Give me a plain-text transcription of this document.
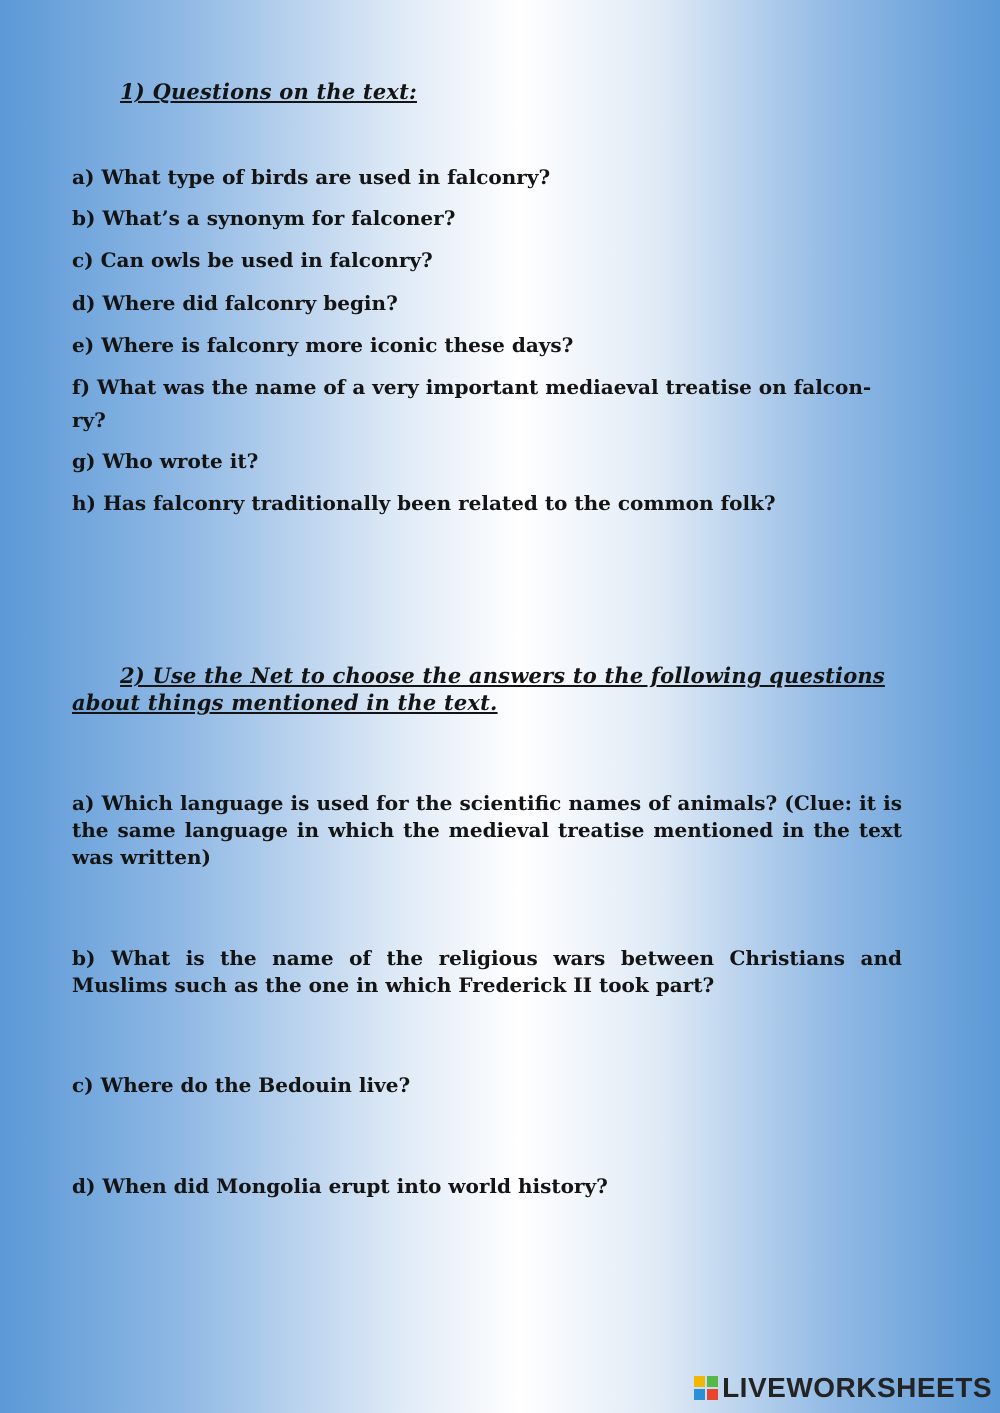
1) Questions on the text:

a) What type of birds are used in falconry?

b) What’s a synonym for falconer?

c) Can owls be used in falconry?

d) Where did falconry begin?

e) Where is falconry more iconic these days?

f) What was the name of a very important mediaeval treatise on falcon-

ry?

g) Who wrote it?

h) Has falconry traditionally been related to the common folk?

2) Use the Net to choose the answers to the following questions
about things mentioned in the text.

a) Which language is used for the scientific names of animals? (Clue: it is the same language in which the medieval treatise mentioned in the text was written)

b) What is the name of the religious wars between Christians and Muslims such as the one in which Frederick II took part?

c) Where do the Bedouin live?

d) When did Mongolia erupt into world history?

LIVEWORKSHEETS
